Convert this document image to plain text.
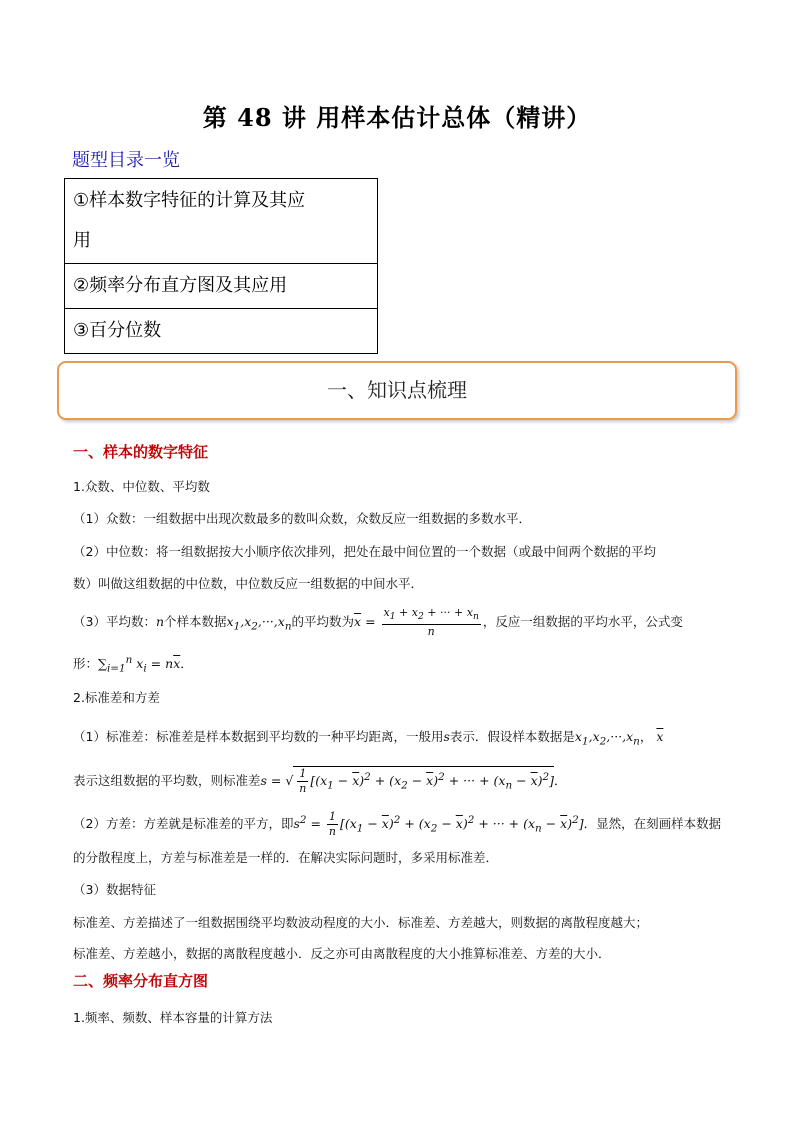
第 48 讲 用样本估计总体（精讲）
题型目录一览
①样本数字特征的计算及其应
用

②频率分布直方图及其应用
③百分位数
一、知识点梳理
一、样本的数字特征
1.众数、中位数、平均数
（1）众数：一组数据中出现次数最多的数叫众数，众数反应一组数据的多数水平．
（2）中位数：将一组数据按大小顺序依次排列，把处在最中间位置的一个数据（或最中间两个数据的平均
数）叫做这组数据的中位数，中位数反应一组数据的中间水平．
（3）平均数：n个样本数据$x_1,x_2,\cdot\cdot\cdot,x_n$的平均数为$\overline{x} = \frac{x_1 + x_2 + \cdot\cdot\cdot + x_n}{n}$ ，反应一组数据的平均水平，公式变
形：$\sum_{i=1}^n$ $x_i = n\overline{x}$．
2.标准差和方差
（1）标准差：标准差是样本数据到平均数的一种平均距离，一般用s表示．假设样本数据是$x_1,x_2,\cdot\cdot\cdot,x_n$， $\overline{x}$
表示这组数据的平均数，则标准差s = √ $\frac{1}{n} [(x_1 - \overline{x})^2 + (x_2 - \overline{x})^2$ + ··· + $(x_n - \overline{x})^2$]．
（2）方差：方差就是标准差的平方，即$s^2 = \frac{1}{n} [(x_1 - \overline{x})^2 + (x_2 - \overline{x})^2$ + ··· + $(x_n - \overline{x})^2$]．显然，在刻画样本数据
的分散程度上，方差与标准差是一样的．在解决实际问题时，多采用标准差．
（3）数据特征
标准差、方差描述了一组数据围绕平均数波动程度的大小．标准差、方差越大，则数据的离散程度越大；
标准差、方差越小，数据的离散程度越小．反之亦可由离散程度的大小推算标准差、方差的大小．
二、频率分布直方图
1.频率、频数、样本容量的计算方法
